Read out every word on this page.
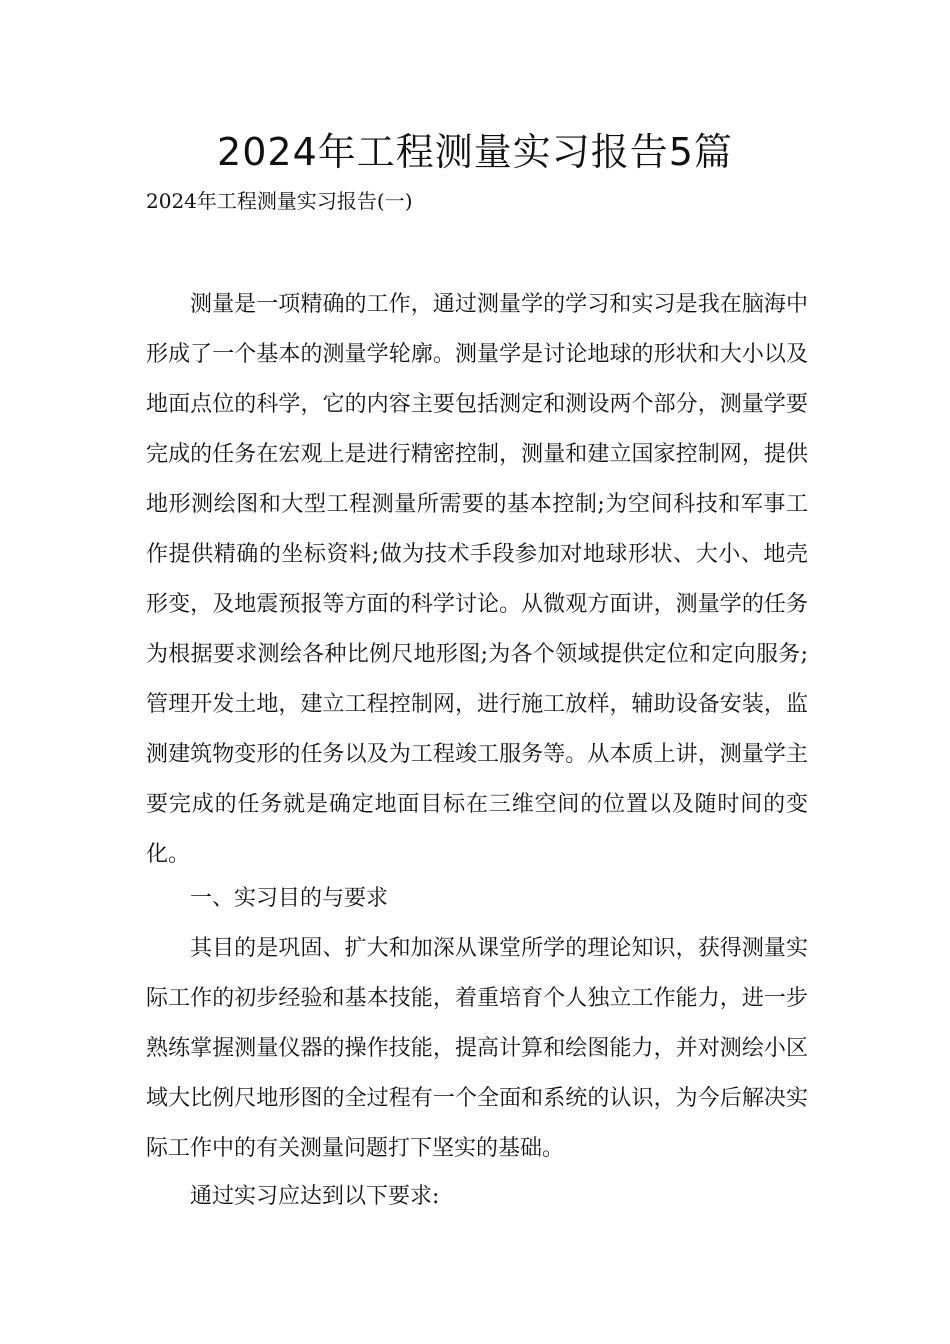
2024年工程测量实习报告5篇

2024年工程测量实习报告(一)

测量是一项精确的工作，通过测量学的学习和实习是我在脑海中形成了一个基本的测量学轮廓。测量学是讨论地球的形状和大小以及地面点位的科学，它的内容主要包括测定和测设两个部分，测量学要完成的任务在宏观上是进行精密控制，测量和建立国家控制网，提供地形测绘图和大型工程测量所需要的基本控制;为空间科技和军事工作提供精确的坐标资料;做为技术手段参加对地球形状、大小、地壳形变，及地震预报等方面的科学讨论。从微观方面讲，测量学的任务为根据要求测绘各种比例尺地形图;为各个领域提供定位和定向服务;管理开发土地，建立工程控制网，进行施工放样，辅助设备安装，监测建筑物变形的任务以及为工程竣工服务等。从本质上讲，测量学主要完成的任务就是确定地面目标在三维空间的位置以及随时间的变化。

一、实习目的与要求

其目的是巩固、扩大和加深从课堂所学的理论知识，获得测量实际工作的初步经验和基本技能，着重培育个人独立工作能力，进一步熟练掌握测量仪器的操作技能，提高计算和绘图能力，并对测绘小区域大比例尺地形图的全过程有一个全面和系统的认识，为今后解决实际工作中的有关测量问题打下坚实的基础。

通过实习应达到以下要求:
